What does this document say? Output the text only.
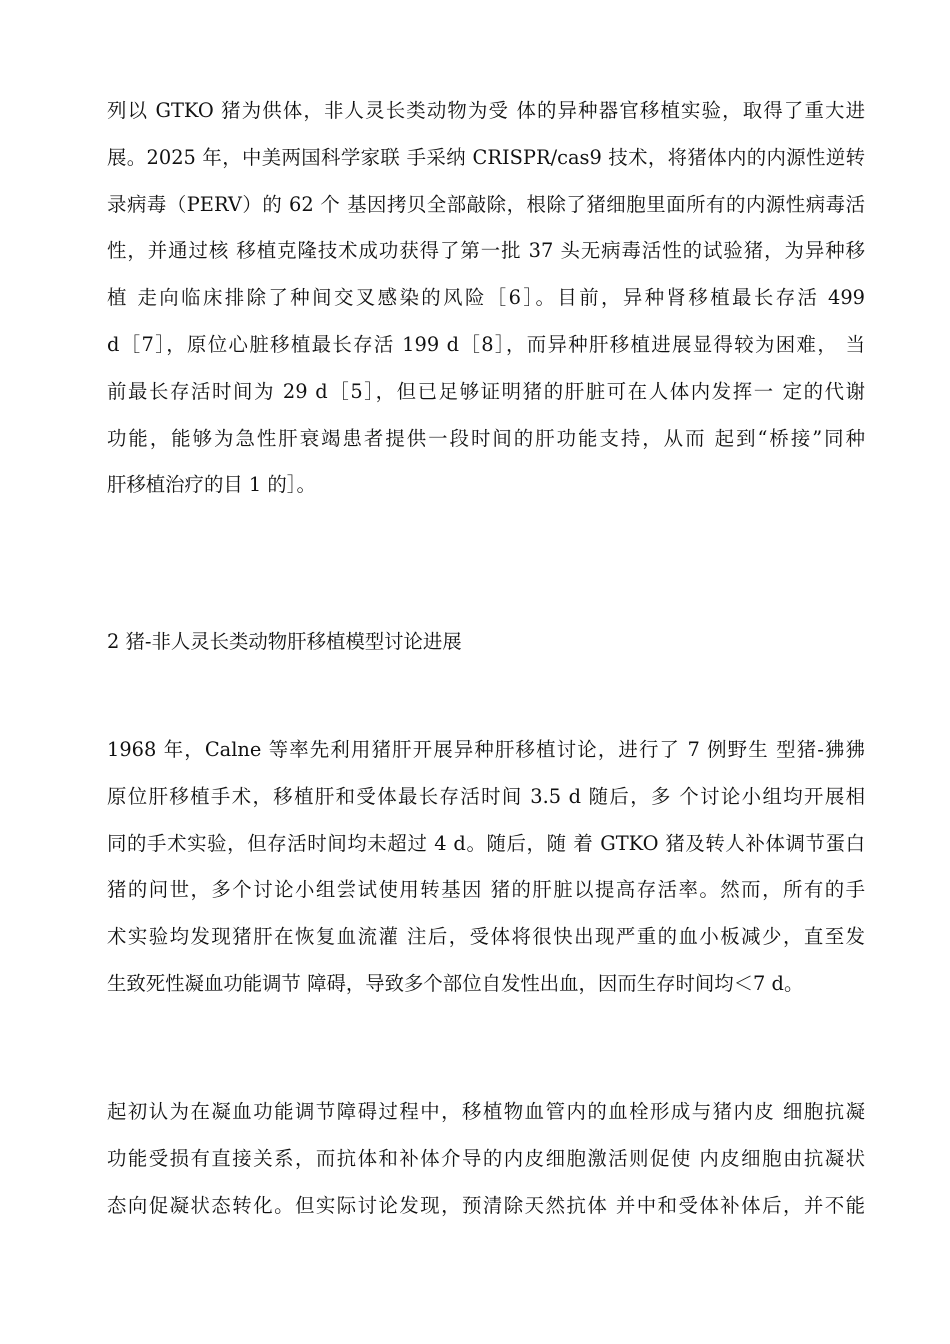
列以 GTKO 猪为供体，非人灵长类动物为受 体的异种器官移植实验，取得了重大进
展。2025 年，中美两国科学家联 手采纳 CRISPR/cas9 技术，将猪体内的内源性逆转
录病毒（PERV）的 62 个 基因拷贝全部敲除，根除了猪细胞里面所有的内源性病毒活
性，并通过核 移植克隆技术成功获得了第一批 37 头无病毒活性的试验猪，为异种移
植 走向临床排除了种间交叉感染的风险［6］。目前，异种肾移植最长存活 499
d［7］，原位心脏移植最长存活 199 d［8］，而异种肝移植进展显得较为困难， 当
前最长存活时间为 29 d［5］，但已足够证明猪的肝脏可在人体内发挥一 定的代谢
功能，能够为急性肝衰竭患者提供一段时间的肝功能支持，从而 起到“桥接”同种
肝移植治疗的目 1 的］。
2 猪-非人灵长类动物肝移植模型讨论进展
1968 年，Calne 等率先利用猪肝开展异种肝移植讨论，进行了 7 例野生 型猪-狒狒
原位肝移植手术，移植肝和受体最长存活时间 3.5 d 随后，多 个讨论小组均开展相
同的手术实验，但存活时间均未超过 4 d。随后，随 着 GTKO 猪及转人补体调节蛋白
猪的问世，多个讨论小组尝试使用转基因 猪的肝脏以提高存活率。然而，所有的手
术实验均发现猪肝在恢复血流灌 注后，受体将很快出现严重的血小板减少，直至发
生致死性凝血功能调节 障碍，导致多个部位自发性出血，因而生存时间均＜7 d。
起初认为在凝血功能调节障碍过程中，移植物血管内的血栓形成与猪内皮 细胞抗凝
功能受损有直接关系，而抗体和补体介导的内皮细胞激活则促使 内皮细胞由抗凝状
态向促凝状态转化。但实际讨论发现，预清除天然抗体 并中和受体补体后，并不能
